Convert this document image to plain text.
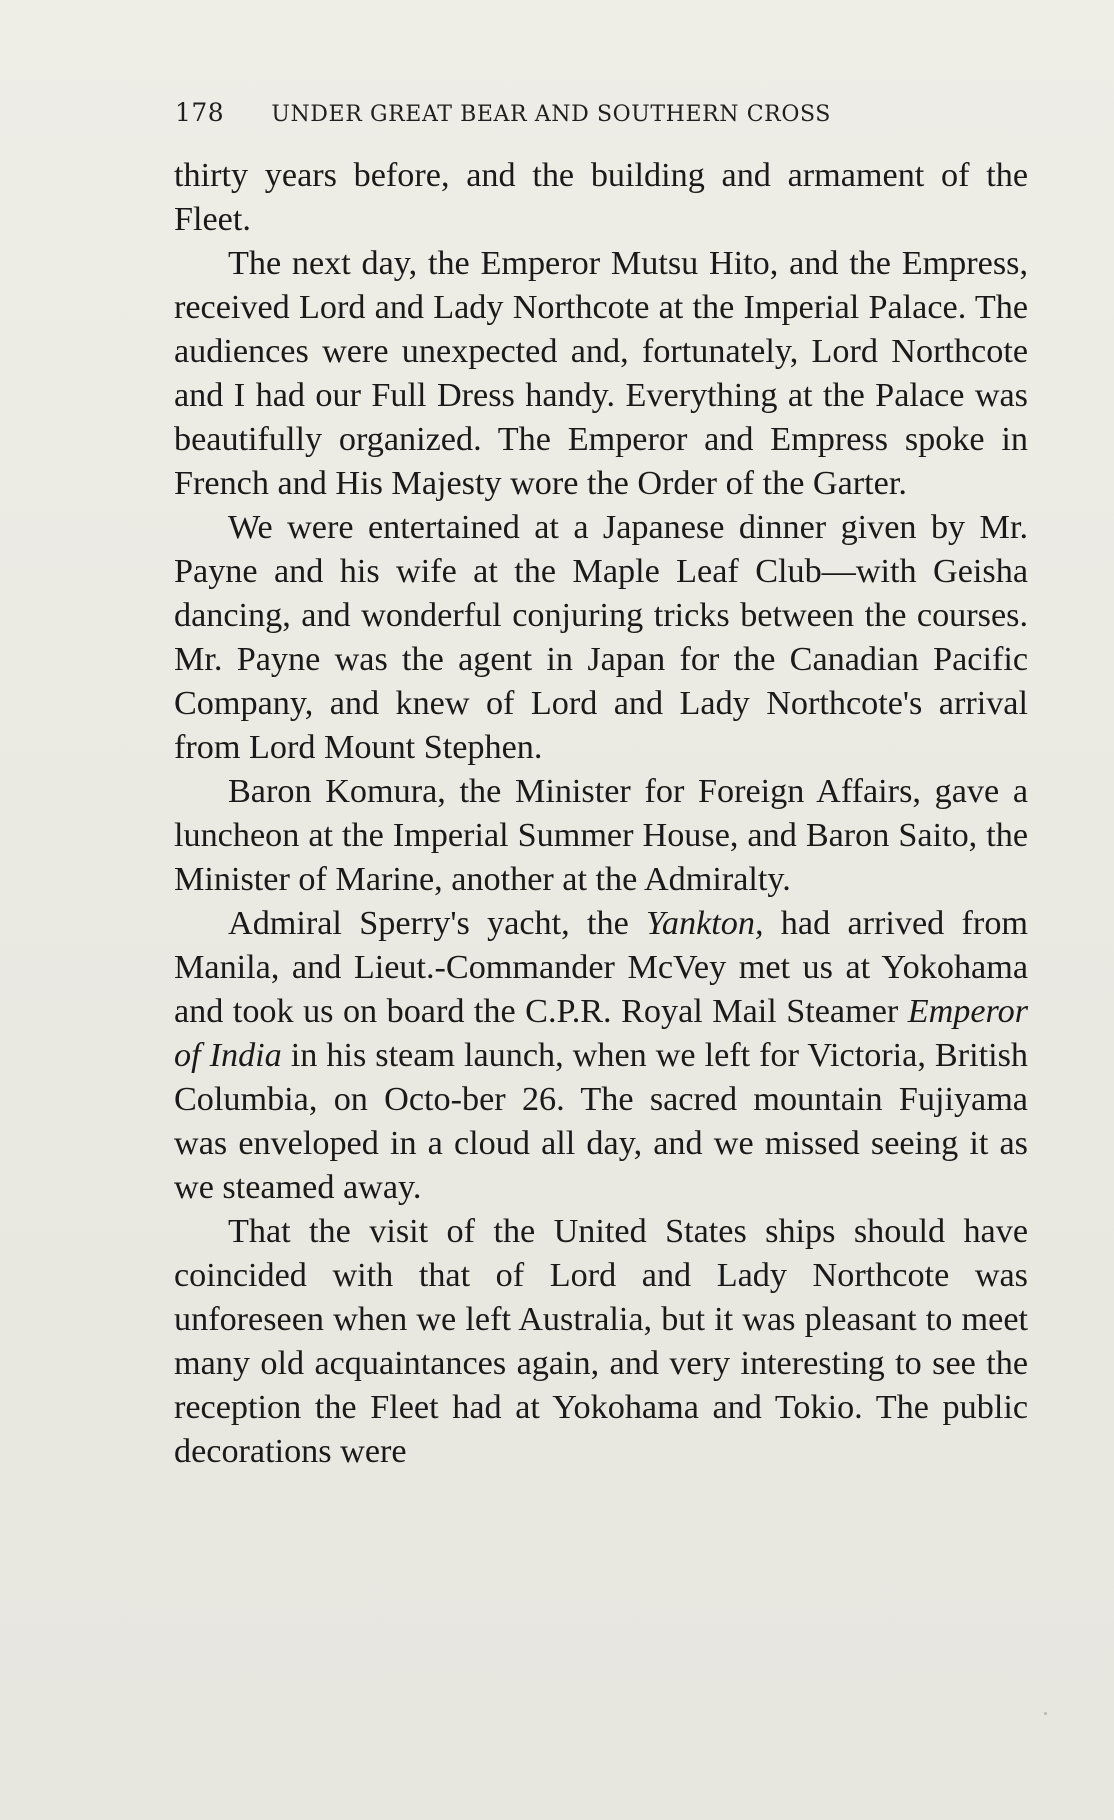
178 UNDER GREAT BEAR AND SOUTHERN CROSS

thirty years before, and the building and armament of the Fleet.

The next day, the Emperor Mutsu Hito, and the Empress, received Lord and Lady Northcote at the Imperial Palace. The audiences were unexpected and, fortunately, Lord Northcote and I had our Full Dress handy. Everything at the Palace was beautifully organized. The Emperor and Empress spoke in French and His Majesty wore the Order of the Garter.

We were entertained at a Japanese dinner given by Mr. Payne and his wife at the Maple Leaf Club—with Geisha dancing, and wonderful conjuring tricks between the courses. Mr. Payne was the agent in Japan for the Canadian Pacific Company, and knew of Lord and Lady Northcote's arrival from Lord Mount Stephen.

Baron Komura, the Minister for Foreign Affairs, gave a luncheon at the Imperial Summer House, and Baron Saito, the Minister of Marine, another at the Admiralty.

Admiral Sperry's yacht, the Yankton, had arrived from Manila, and Lieut.-Commander McVey met us at Yokohama and took us on board the C.P.R. Royal Mail Steamer Emperor of India in his steam launch, when we left for Victoria, British Columbia, on Octo-ber 26. The sacred mountain Fujiyama was enveloped in a cloud all day, and we missed seeing it as we steamed away.

That the visit of the United States ships should have coincided with that of Lord and Lady Northcote was unforeseen when we left Australia, but it was pleasant to meet many old acquaintances again, and very interesting to see the reception the Fleet had at Yokohama and Tokio. The public decorations were
